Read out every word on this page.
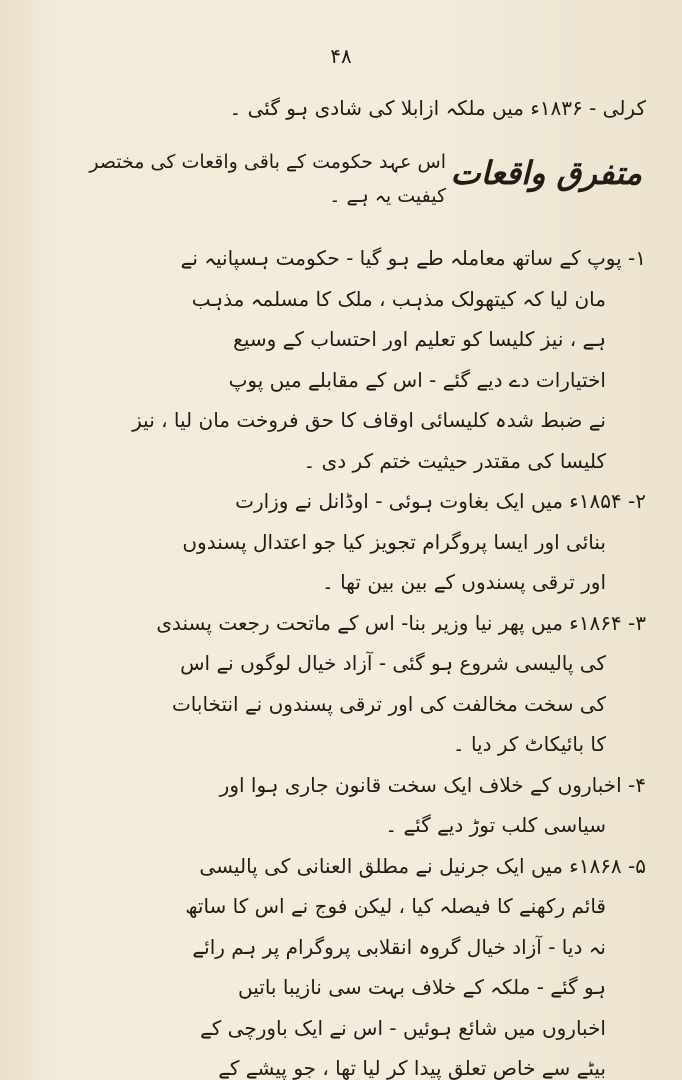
۴۸
کرلی - ۱۸۳۶ء میں ملکہ ازابلا کی شادی ہو گئی ۔
متفرق واقعات
اس عہد حکومت کے باقی واقعات کی مختصر
کیفیت یہ ہے ۔
۱- پوپ کے ساتھ معاملہ طے ہو گیا - حکومت ہسپانیہ نے
مان لیا کہ کیتھولک مذہب ، ملک کا مسلمہ مذہب
ہے ، نیز کلیسا کو تعلیم اور احتساب کے وسیع
اختیارات دے دیے گئے - اس کے مقابلے میں پوپ
نے ضبط شدہ کلیسائی اوقاف کا حق فروخت مان لیا ، نیز
کلیسا کی مقتدر حیثیت ختم کر دی ۔
۲- ۱۸۵۴ء میں ایک بغاوت ہوئی - اوڈانل نے وزارت
بنائی اور ایسا پروگرام تجویز کیا جو اعتدال پسندوں
اور ترقی پسندوں کے بین بین تھا ۔
۳- ۱۸۶۴ء میں پھر نیا وزیر بنا- اس کے ماتحت رجعت پسندی
کی پالیسی شروع ہو گئی - آزاد خیال لوگوں نے اس
کی سخت مخالفت کی اور ترقی پسندوں نے انتخابات
کا بائیکاٹ کر دیا ۔
۴- اخباروں کے خلاف ایک سخت قانون جاری ہوا اور
سیاسی کلب توڑ دیے گئے ۔
۵- ۱۸۶۸ء میں ایک جرنیل نے مطلق العنانی کی پالیسی
قائم رکھنے کا فیصلہ کیا ، لیکن فوج نے اس کا ساتھ
نہ دیا - آزاد خیال گروہ انقلابی پروگرام پر ہم رائے
ہو گئے - ملکہ کے خلاف بہت سی نازیبا باتیں
اخباروں میں شائع ہوئیں - اس نے ایک باورچی کے
بیٹے سے خاص تعلق پیدا کر لیا تھا ، جو پیشے کے
